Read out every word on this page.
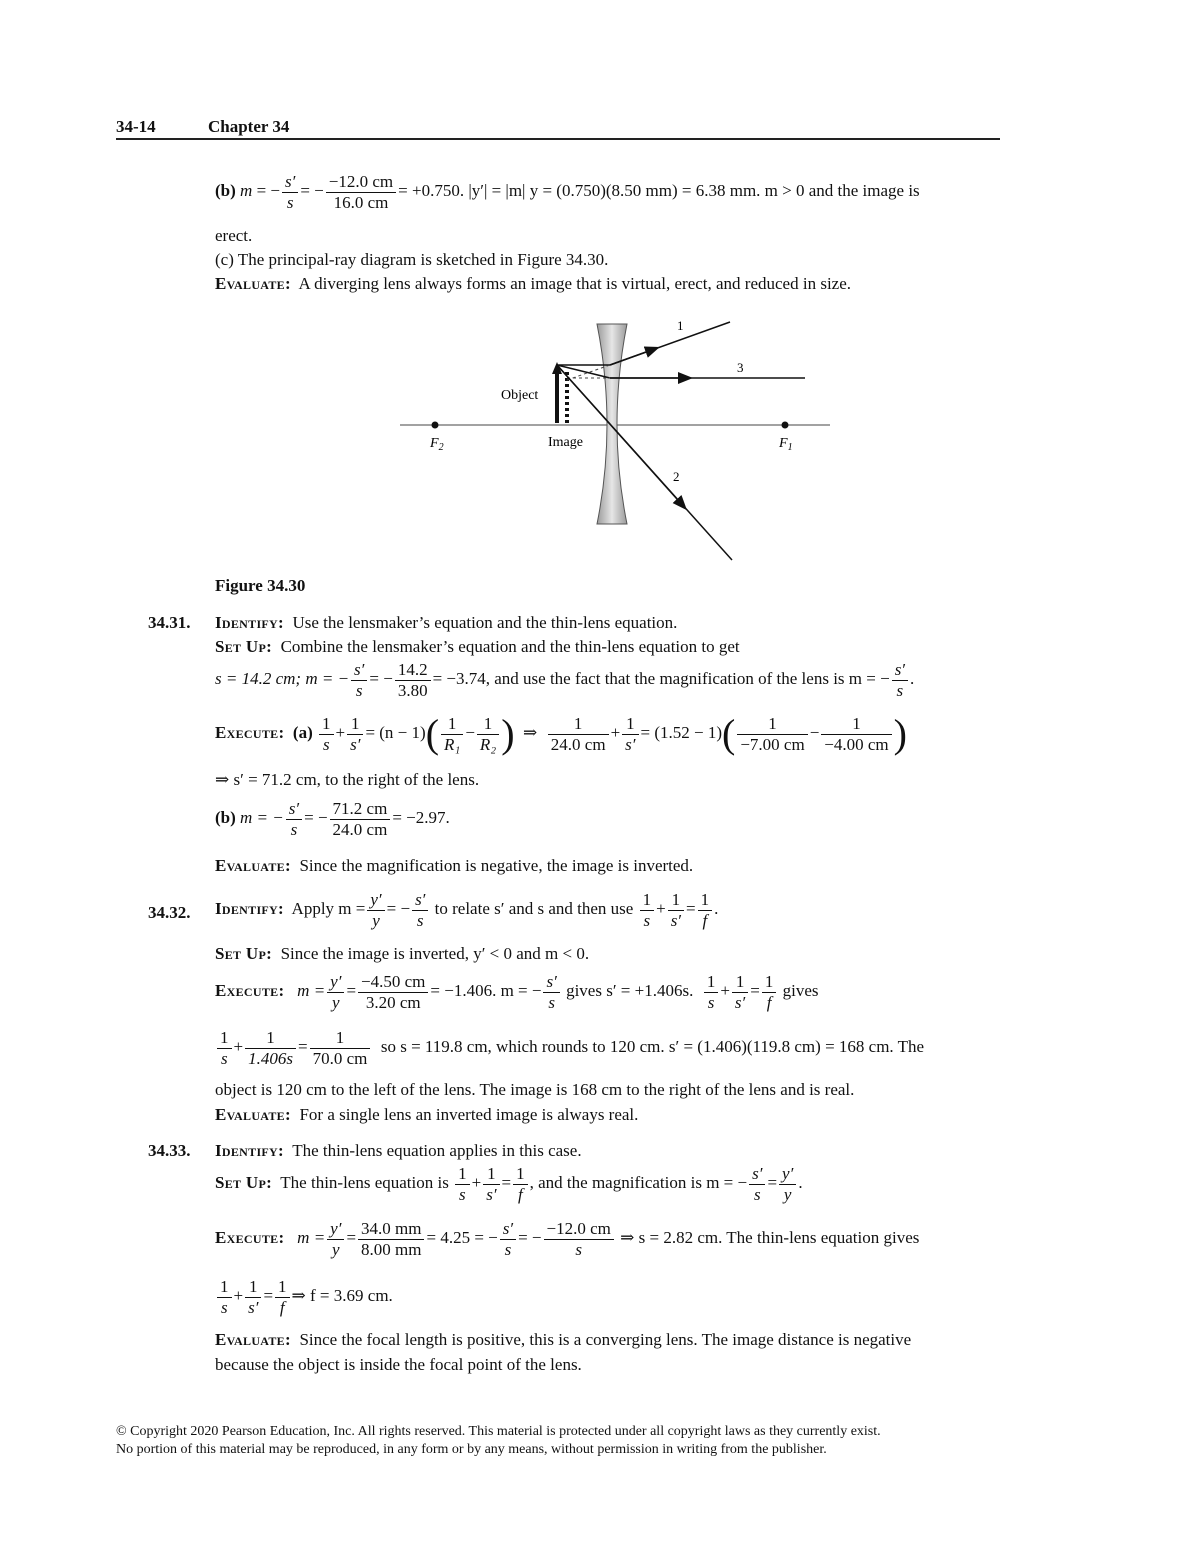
34-14	Chapter 34
(b) m = − $\frac{s'}{s}$ = − $\frac{-12.0 cm}{16.0 cm} = +0.750$. |y′| = |m| y = (0.750)(8.50 mm) = 6.38 mm. m > 0 and the image is
erect.
(c) The principal-ray diagram is sketched in Figure 34.30.
Evaluate: A diverging lens always forms an image that is virtual, erect, and reduced in size.
1
3
2
Object
Image
$F_2$	$F_1$
Figure 34.30
34.31. Identify: Use the lensmaker’s equation and the thin-lens equation.
Set Up: Combine the lensmaker’s equation and the thin-lens equation to get
s = 14.2 cm; m = − $\frac{s'}{s}$ = − $\frac{14.2}{3.80} = -3.74$, and use the fact that the magnification of the lens is m = − $\frac{s'}{s}$ .
Execute: $(a) \frac{1}{s} + \frac{1}{s'} = (n - 1)( \frac{1}{\text{R₁}} - \frac{1}{\text{R₂}}$ ) ⇒ $\frac{1}{24.0 cm} + \frac{1}{s'} = (1.52 - 1)( \frac{1}{-7.00 cm} - \frac{1}{-4.00 cm}$ )
⇒ s′ = 71.2 cm, to the right of the lens.
(b) m = − $\frac{s'}{s}$ = − $\frac{71.2 cm}{24.0 cm} = -2.97$.
Evaluate: Since the magnification is negative, the image is inverted.
34.32. Identify: Apply $m = \frac{y'}{y}$ = − $\frac{s'}{s}$ to relate s′ and s and then use $\frac{1}{s} + \frac{1}{s'} = \frac{1}{f}$ .
Set Up: Since the image is inverted, y′ < 0 and m < 0.
Execute: $m = \frac{y'}{y} = \frac{-4.50 cm}{3.20 cm} = -1.406$. m = − $\frac{s'}{s}$ gives s′ = +1.406s. $\frac{1}{s} + \frac{1}{s'} = \frac{1}{f}$ gives
$\frac{1}{s} + \frac{1}{1.406s} = \frac{1}{70.0 cm}$ so s = 119.8 cm, which rounds to 120 cm. s′ = (1.406)(119.8 cm) = 168 cm. The
object is 120 cm to the left of the lens. The image is 168 cm to the right of the lens and is real.
Evaluate: For a single lens an inverted image is always real.
34.33. Identify: The thin-lens equation applies in this case.
Set Up: The thin-lens equation is $\frac{1}{s} + \frac{1}{s'} = \frac{1}{f}$ , and the magnification is m = − $\frac{s'}{s} = \frac{y'}{y}$ .
Execute: $m = \frac{y'}{y} = \frac{34.0 mm}{8.00 mm} = 4.25$ = − $\frac{s'}{s}$ = − $\frac{-12.0 cm}{s}$ ⇒ s = 2.82 cm. The thin-lens equation gives
$\frac{1}{s} + \frac{1}{s'} = \frac{1}{f}$ ⇒ f = 3.69 cm.
Evaluate: Since the focal length is positive, this is a converging lens. The image distance is negative
because the object is inside the focal point of the lens.
© Copyright 2020 Pearson Education, Inc. All rights reserved. This material is protected under all copyright laws as they currently exist.
No portion of this material may be reproduced, in any form or by any means, without permission in writing from the publisher.
